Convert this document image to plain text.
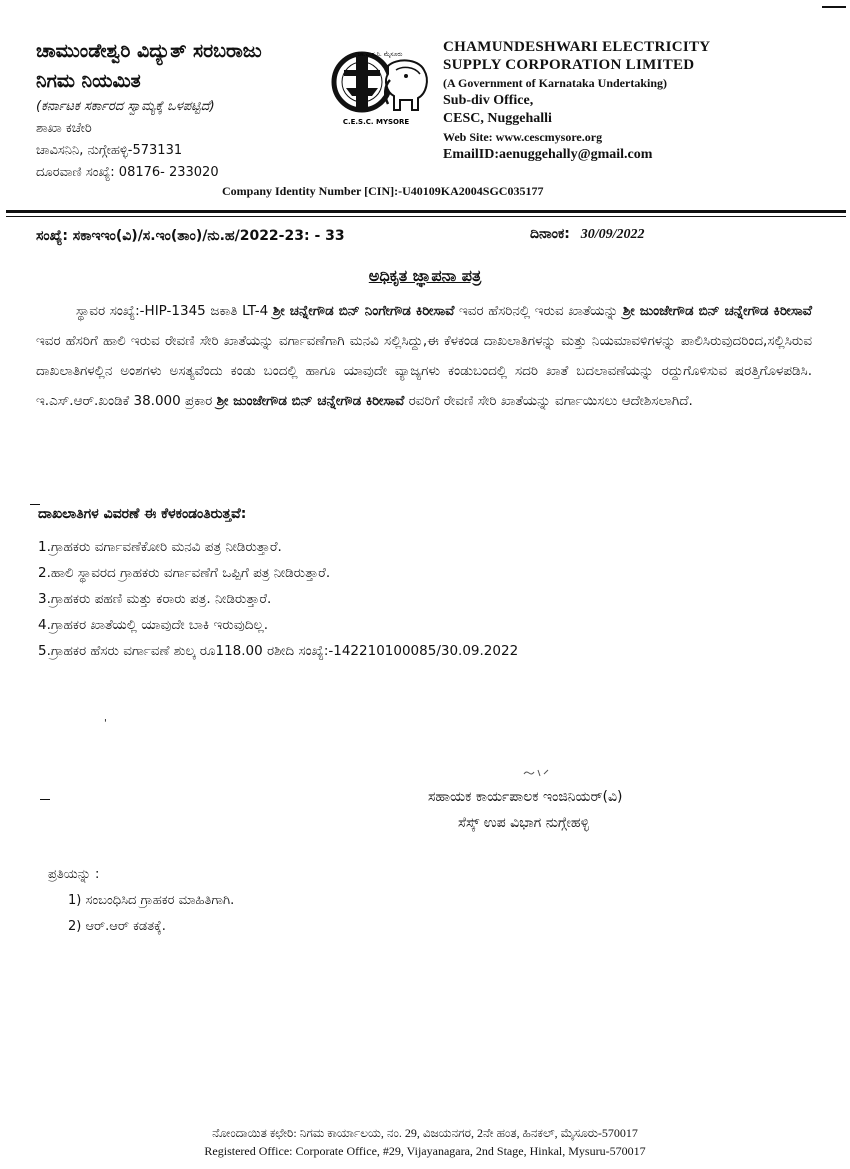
ಚಾಮುಂಡೇಶ್ವರಿ ವಿದ್ಯುತ್ ಸರಬರಾಜು
ನಿಗಮ ನಿಯಮಿತ
(ಕರ್ನಾಟಕ ಸರ್ಕಾರದ ಸ್ವಾಮ್ಯಕ್ಕೆ ಒಳಪಟ್ಟಿದೆ)
ಶಾಖಾ ಕಚೇರಿ
ಚಾವಿಸನಿನಿ, ನುಗ್ಗೇಹಳ್ಳಿ-573131
ದೂರವಾಣಿ ಸಂಖ್ಯೆ: 08176- 233020
ಚಾ.ವಿ.ಸ.ನಿ. ಮೈಸೂರು
C.E.S.C. MYSORE
CHAMUNDESHWARI ELECTRICITY
SUPPLY CORPORATION LIMITED
(A Government of Karnataka Undertaking)
Sub-div Office,
CESC, Nuggehalli
Web Site: www.cescmysore.org
EmailID:aenuggehally@gmail.com
Company Identity Number [CIN]:-U40109KA2004SGC035177
ಸಂಖ್ಯೆ: ಸಕಾಇಇಂ(ವಿ)/ಸ.ಇಂ(ತಾಂ)/ನು.ಹ/2022-23: - 33	ದಿನಾಂಕ: 30/09/2022
ಅಧಿಕೃತ ಜ್ಞಾಪನಾ ಪತ್ರ
ಸ್ಥಾವರ ಸಂಖ್ಯೆ:-HIP-1345 ಜಕಾತಿ LT-4 ಶ್ರೀ ಚನ್ನೇಗೌಡ ಬಿನ್ ನಿಂಗೇಗೌಡ ಕಿರೀಸಾವೆ ಇವರ ಹೆಸರಿನಲ್ಲಿ ಇರುವ ಖಾತೆಯನ್ನು ಶ್ರೀ ಜುಂಜೇಗೌಡ ಬಿನ್ ಚನ್ನೇಗೌಡ ಕಿರೀಸಾವೆ ಇವರ ಹೆಸರಿಗೆ ಹಾಲಿ ಇರುವ ರೇವಣಿ ಸೇರಿ ಖಾತೆಯನ್ನು ವರ್ಗಾವಣೆಗಾಗಿ ಮನವಿ ಸಲ್ಲಿಸಿದ್ದು,ಈ ಕೆಳಕಂಡ ದಾಖಲಾತಿಗಳನ್ನು ಮತ್ತು ನಿಯಮಾವಳಿಗಳನ್ನು ಪಾಲಿಸಿರುವುದರಿಂದ,ಸಲ್ಲಿಸಿರುವ ದಾಖಲಾತಿಗಳಲ್ಲಿನ ಅಂಶಗಳು ಅಸತ್ಯವೆಂದು ಕಂಡು ಬಂದಲ್ಲಿ ಹಾಗೂ ಯಾವುದೇ ವ್ಯಾಜ್ಯಗಳು ಕಂಡುಬಂದಲ್ಲಿ ಸದರಿ ಖಾತೆ ಬದಲಾವಣೆಯನ್ನು ರದ್ದುಗೊಳಿಸುವ ಷರತ್ತಿಗೊಳಪಡಿಸಿ. ಇ.ಎಸ್.ಆರ್.ಖಂಡಿಕೆ 38.000 ಪ್ರಕಾರ ಶ್ರೀ ಜುಂಜೇಗೌಡ ಬಿನ್ ಚನ್ನೇಗೌಡ ಕಿರೀಸಾವೆ ರವರಿಗೆ ರೇವಣಿ ಸೇರಿ ಖಾತೆಯನ್ನು ವರ್ಗಾಯಿಸಲು ಆದೇಶಿಸಲಾಗಿದೆ.
ದಾಖಲಾತಿಗಳ ವಿವರಣೆ ಈ ಕೆಳಕಂಡಂತಿರುತ್ತವೆ:
1.ಗ್ರಾಹಕರು ವರ್ಗಾವಣೆಕೋರಿ ಮನವಿ ಪತ್ರ ನೀಡಿರುತ್ತಾರೆ.
2.ಹಾಲಿ ಸ್ಥಾವರದ ಗ್ರಾಹಕರು ವರ್ಗಾವಣೆಗೆ ಒಪ್ಪಿಗೆ ಪತ್ರ ನೀಡಿರುತ್ತಾರೆ.
3.ಗ್ರಾಹಕರು ಪಹಣಿ ಮತ್ತು ಕರಾರು ಪತ್ರ. ನೀಡಿರುತ್ತಾರೆ.
4.ಗ್ರಾಹಕರ ಖಾತೆಯಲ್ಲಿ ಯಾವುದೇ ಬಾಕಿ ಇರುವುದಿಲ್ಲ.
5.ಗ್ರಾಹಕರ ಹೆಸರು ವರ್ಗಾವಣೆ ಶುಲ್ಕ ರೂ118.00 ರಶೀದಿ ಸಂಖ್ಯೆ:-142210100085/30.09.2022
'
ಸಹಾಯಕ ಕಾರ್ಯಪಾಲಕ ಇಂಜಿನಿಯರ್(ವಿ)
ಸೆಸ್ಕ್ ಉಪ ವಿಭಾಗ ನುಗ್ಗೇಹಳ್ಳಿ
ಪ್ರತಿಯನ್ನು :
1) ಸಂಬಂಧಿಸಿದ ಗ್ರಾಹಕರ ಮಾಹಿತಿಗಾಗಿ.
2) ಆರ್.ಆರ್ ಕಡತಕ್ಕೆ.
ನೋಂದಾಯಿತ ಕಛೇರಿ: ನಿಗಮ ಕಾರ್ಯಾಲಯ, ನಂ. 29, ವಿಜಯನಗರ, 2ನೇ ಹಂತ, ಹಿನಕಲ್, ಮೈಸೂರು-570017
Registered Office: Corporate Office, #29, Vijayanagara, 2nd Stage, Hinkal, Mysuru-570017
